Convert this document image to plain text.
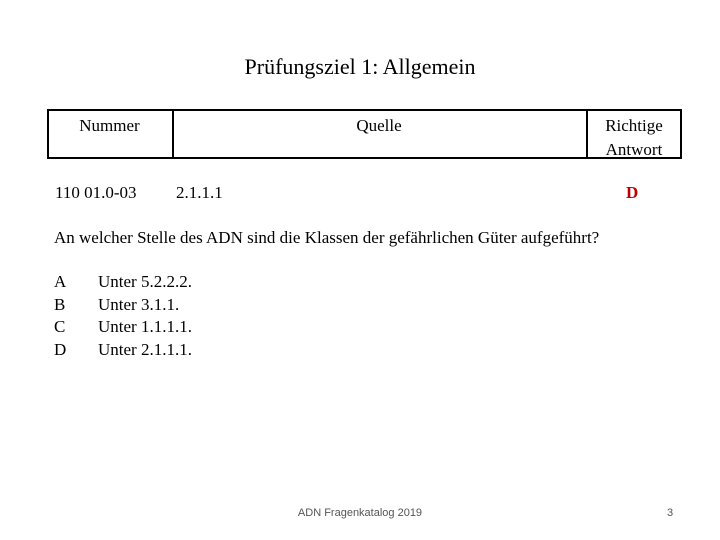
Prüfungsziel 1: Allgemein
Nummer	Quelle	Richtige
Antwort
110 01.0-03 2.1.1.1	D
An welcher Stelle des ADN sind die Klassen der gefährlichen Güter aufgeführt?
A Unter 5.2.2.2.
B Unter 3.1.1.
C Unter 1.1.1.1.
D Unter 2.1.1.1.
ADN Fragenkatalog 2019	3
